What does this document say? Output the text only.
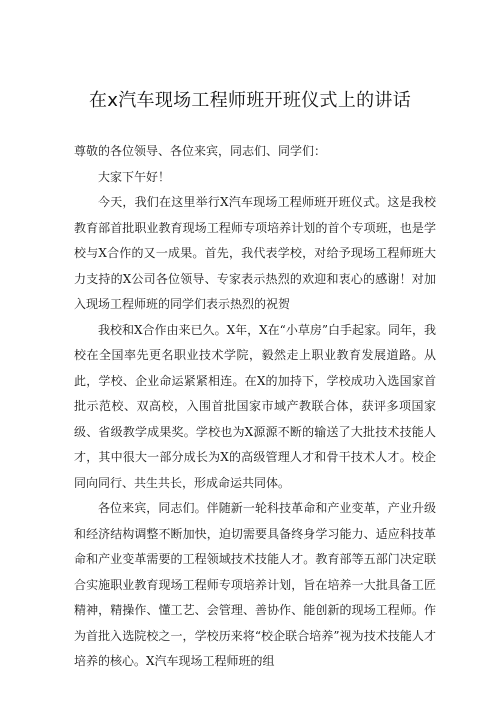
在x汽车现场工程师班开班仪式上的讲话

尊敬的各位领导、各位来宾，同志们、同学们：

大家下午好！

今天，我们在这里举行X汽车现场工程师班开班仪式。这是我校教育部首批职业教育现场工程师专项培养计划的首个专项班，也是学校与X合作的又一成果。首先，我代表学校，对给予现场工程师班大力支持的X公司各位领导、专家表示热烈的欢迎和衷心的感谢！对加入现场工程师班的同学们表示热烈的祝贺

我校和X合作由来已久。X年，X在“小草房”白手起家。同年，我校在全国率先更名职业技术学院，毅然走上职业教育发展道路。从此，学校、企业命运紧紧相连。在X的加持下，学校成功入选国家首批示范校、双高校，入围首批国家市域产教联合体，获评多项国家级、省级教学成果奖。学校也为X源源不断的输送了大批技术技能人才，其中很大一部分成长为X的高级管理人才和骨干技术人才。校企同向同行、共生共长，形成命运共同体。

各位来宾，同志们。伴随新一轮科技革命和产业变革，产业升级和经济结构调整不断加快，迫切需要具备终身学习能力、适应科技革命和产业变革需要的工程领域技术技能人才。教育部等五部门决定联合实施职业教育现场工程师专项培养计划，旨在培养一大批具备工匠精神，精操作、懂工艺、会管理、善协作、能创新的现场工程师。作为首批入选院校之一，学校历来将“校企联合培养”视为技术技能人才培养的核心。X汽车现场工程师班的组
